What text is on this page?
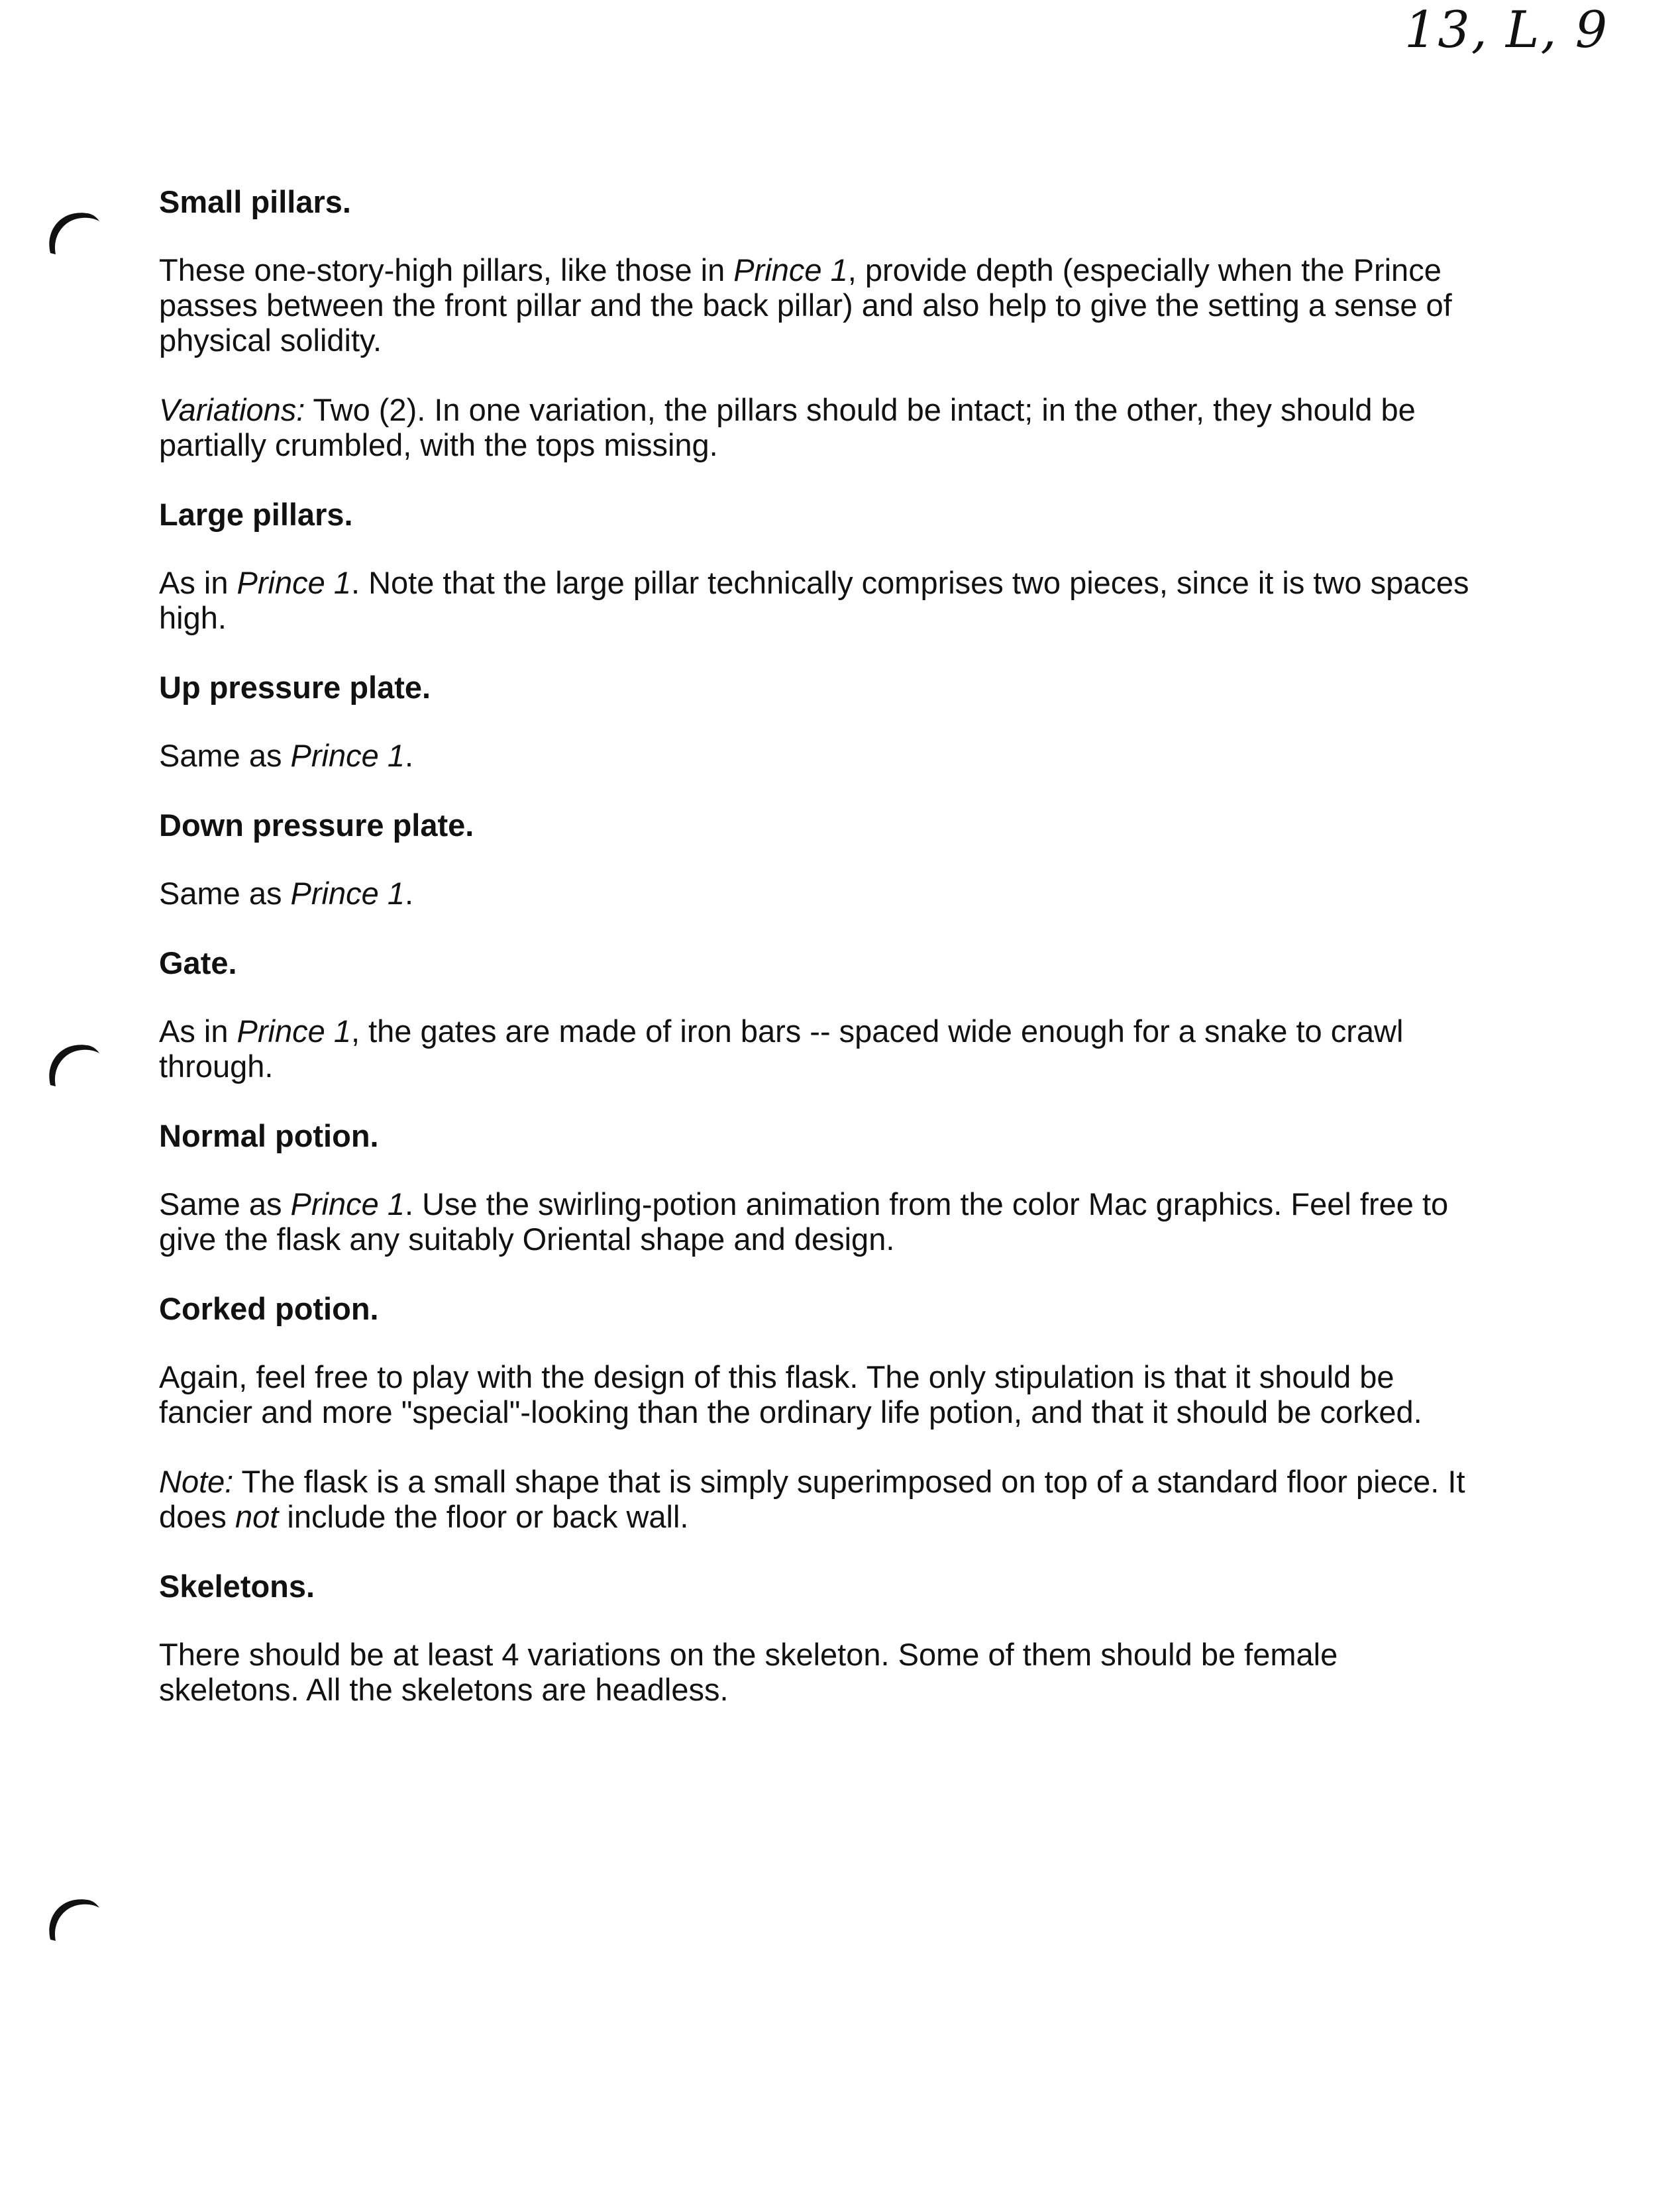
13, L, 9
Small pillars.

These one-story-high pillars, like those in Prince 1, provide depth (especially when the Prince passes between the front pillar and the back pillar) and also help to give the setting a sense of physical solidity.

Variations: Two (2). In one variation, the pillars should be intact; in the other, they should be partially crumbled, with the tops missing.

Large pillars.

As in Prince 1. Note that the large pillar technically comprises two pieces, since it is two spaces high.

Up pressure plate.

Same as Prince 1.

Down pressure plate.

Same as Prince 1.

Gate.

As in Prince 1, the gates are made of iron bars -- spaced wide enough for a snake to crawl through.

Normal potion.

Same as Prince 1. Use the swirling-potion animation from the color Mac graphics. Feel free to give the flask any suitably Oriental shape and design.

Corked potion.

Again, feel free to play with the design of this flask. The only stipulation is that it should be fancier and more "special"-looking than the ordinary life potion, and that it should be corked.

Note: The flask is a small shape that is simply superimposed on top of a standard floor piece. It does not include the floor or back wall.

Skeletons.

There should be at least 4 variations on the skeleton. Some of them should be female skeletons. All the skeletons are headless.
